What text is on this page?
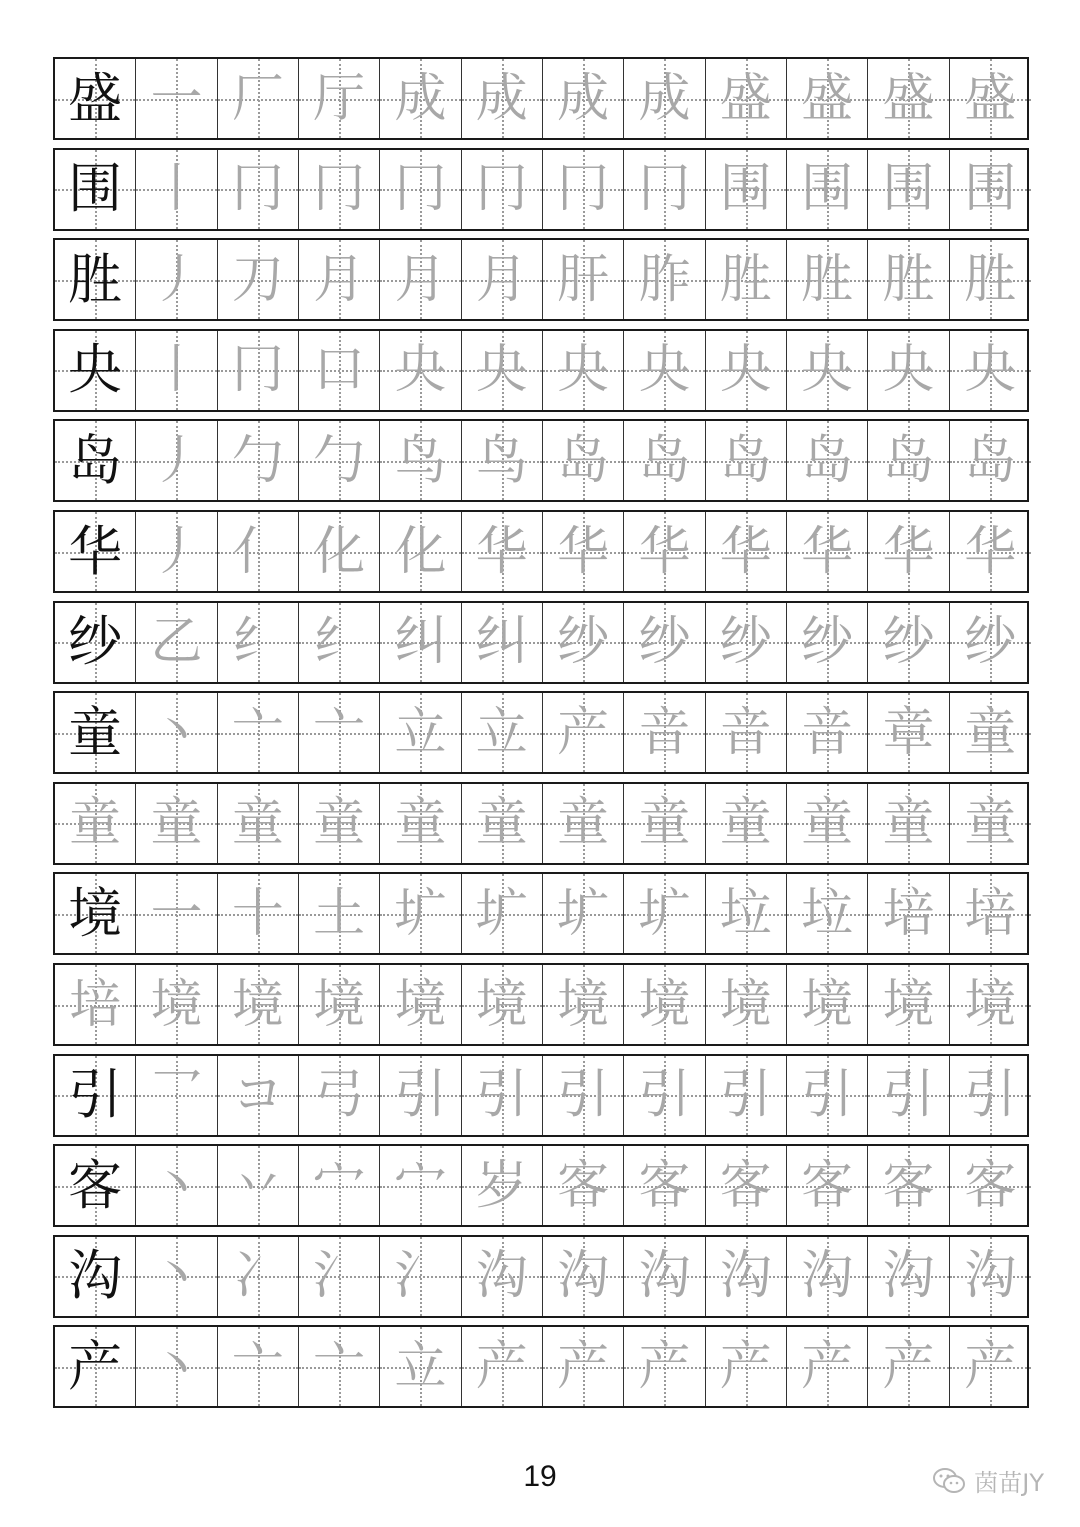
盛 一 厂 厅 成 成 成 成 盛 盛 盛 盛
围 丨 冂 冂 冂 冂 冂 冂 围 围 围 围
胜 丿 刀 月 月 月 肝 胙 胜 胜 胜 胜
央 丨 冂 口 央 央 央 央 央 央 央 央
岛 丿 勹 勹 鸟 鸟 岛 岛 岛 岛 岛 岛
华 丿 亻 化 化 华 华 华 华 华 华 华
纱 乙 纟 纟 纠 纠 纱 纱 纱 纱 纱 纱
童 丶 亠 亠 立 立 产 音 音 音 章 童
童 童 童 童 童 童 童 童 童 童 童 童
境 一 十 土 圹 圹 圹 圹 垃 垃 培 培
培 境 境 境 境 境 境 境 境 境 境 境
引 乛 コ 弓 引 引 引 引 引 引 引 引
客 丶 丷 宀 宀 岁 客 客 客 客 客 客
沟 丶 冫 氵 氵 沟 沟 沟 沟 沟 沟 沟
产 丶 亠 亠 立 产 产 产 产 产 产 产
19	茵苗JY
